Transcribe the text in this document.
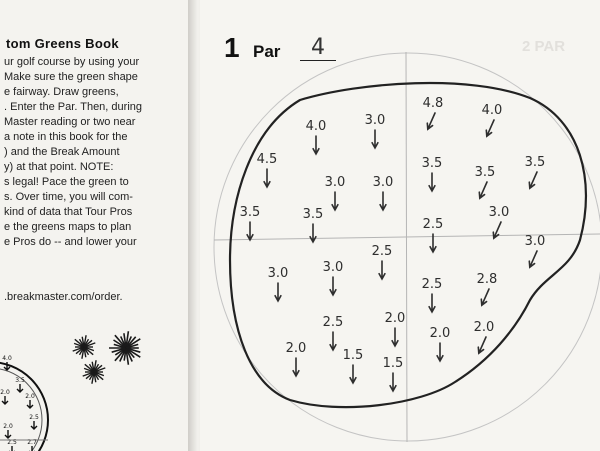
tom Greens Book
ur golf course by using your
Make sure the green shape
e fairway. Draw greens,
. Enter the Par. Then, during
Master reading or two near
a note in this book for the
) and the Break Amount
y) at that point. NOTE:
s legal! Pace the green to
s. Over time, you will com-
kind of data that Tour Pros
e the greens maps to plan
e Pros do -- and lower your
.breakmaster.com/order.
4.0
3.5
2.0
2.0
2.0
2.5
2.5 2.7
1 Par	4	2 PAR
4.0	3.0
4.8	4.0
4.5	3.5
3.5
3.5
3.0 3.0
3.5	3.5
2.5
3.0
3.0
3.0	3.0
2.5
2.5	2.8
2.5	2.0
2.0 2.0
2.0	1.5
1.5
